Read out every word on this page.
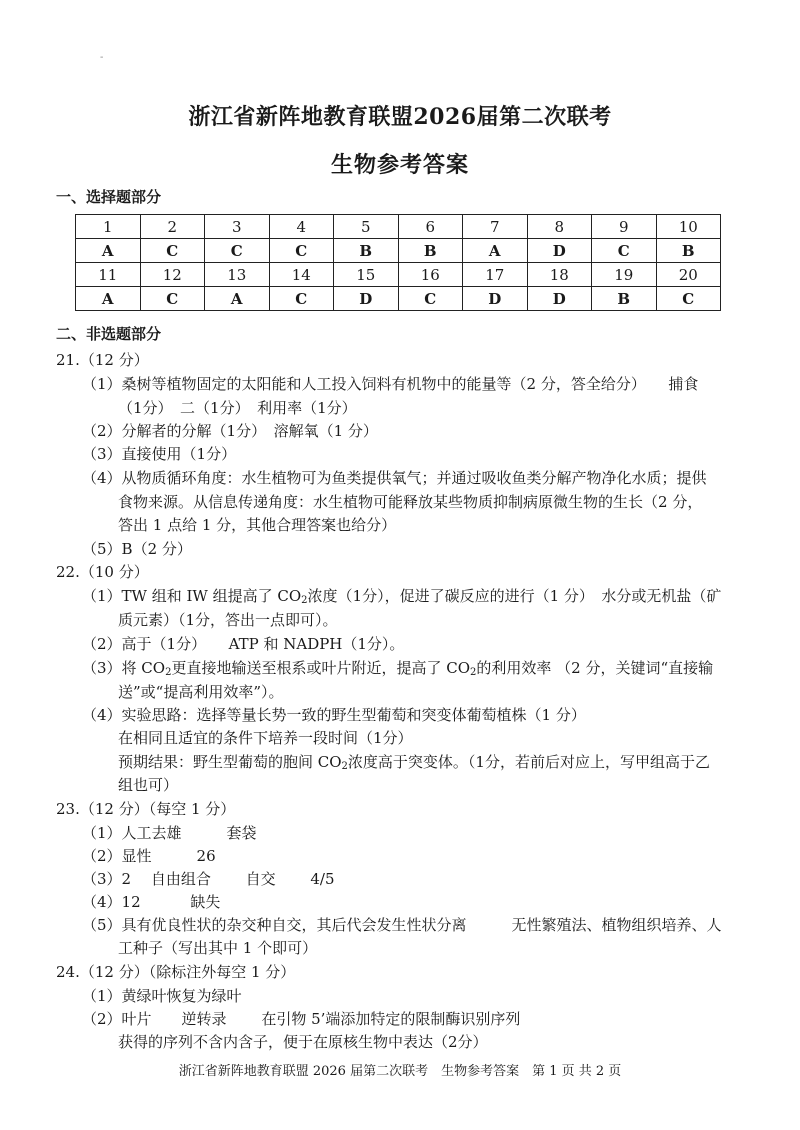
-
浙江省新阵地教育联盟2026届第二次联考
生物参考答案
一、选择题部分
1	2	3	4	5	6	7	8	9	10
A	C	C	C	B	B	A	D	C	B
11	12	13	14	15	16	17	18	19	20
A	C	A	C	D	C	D	D	B	C
二、非选题部分
21.（12 分）
（1）桑树等植物固定的太阳能和人工投入饲料有机物中的能量等（2 分，答全给分）　　捕食
（1分）　二（1分）　利用率（1分）
（2）分解者的分解（1分）　溶解氧（1 分）
（3）直接使用（1分）
（4）从物质循环角度：水生植物可为鱼类提供氧气；并通过吸收鱼类分解产物净化水质；提供
食物来源。从信息传递角度：水生植物可能释放某些物质抑制病原微生物的生长（2 分，
答出 1 点给 1 分，其他合理答案也给分）
（5）B（2 分）
22.（10 分）
（1）TW 组和 IW 组提高了 $CO_2$浓度（1分），促进了碳反应的进行（1 分）　水分或无机盐（矿
质元素）（1分，答出一点即可）。
（2）高于（1分）　　ATP 和 NADPH（1分）。
（3）将 $CO_2$更直接地输送至根系或叶片附近，提高了 $CO_2$的利用效率 （2 分，关键词“直接输
送”或“提高利用效率”）。
（4）实验思路：选择等量长势一致的野生型葡萄和突变体葡萄植株（1 分）
在相同且适宜的条件下培养一段时间（1分）
预期结果：野生型葡萄的胞间 $CO_2$浓度高于突变体。（1分，若前后对应上，写甲组高于乙
组也可）
23.（12 分）（每空 1 分）
（1）人工去雄　　　套袋
（2）显性　　　26
（3）2　 自由组合　　 自交　　 4/5
（4）12　　　 缺失
（5）具有优良性状的杂交种自交，其后代会发生性状分离　　　无性繁殖法、植物组织培养、人
工种子（写出其中 1 个即可）
24.（12 分）（除标注外每空 1 分）
（1）黄绿叶恢复为绿叶
（2）叶片　　逆转录　　 在引物 5’端添加特定的限制酶识别序列
获得的序列不含内含子，便于在原核生物中表达（2分）
浙江省新阵地教育联盟 2026 届第二次联考　生物参考答案　第 1 页 共 2 页
